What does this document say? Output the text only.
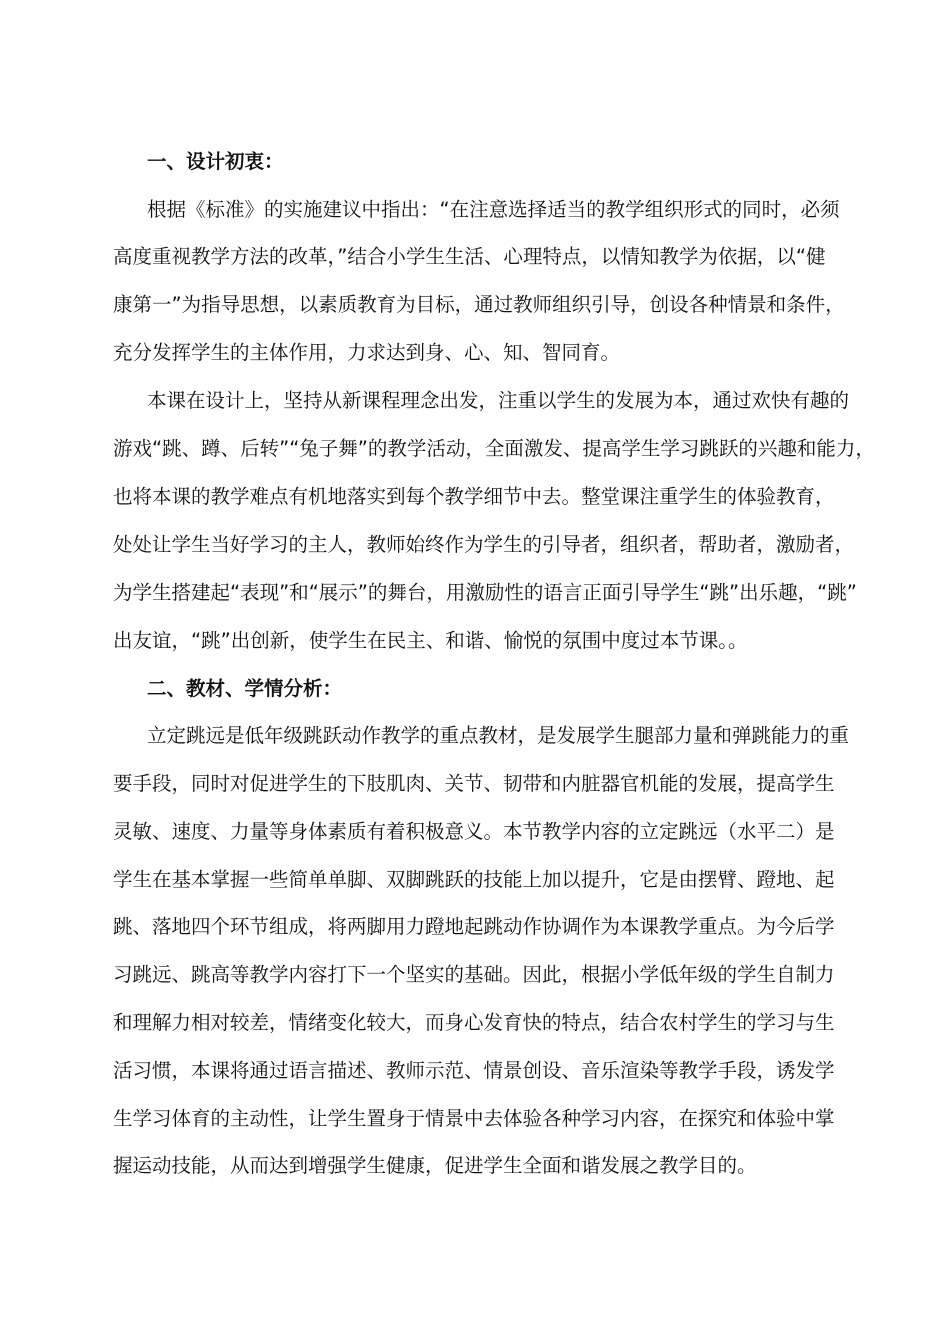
一、设计初衷：
根据《标准》的实施建议中指出：“在注意选择适当的教学组织形式的同时，必须
高度重视教学方法的改革，”结合小学生生活、心理特点，以情知教学为依据，以“健
康第一”为指导思想，以素质教育为目标，通过教师组织引导，创设各种情景和条件，
充分发挥学生的主体作用，力求达到身、心、知、智同育。
本课在设计上，坚持从新课程理念出发，注重以学生的发展为本，通过欢快有趣的
游戏“跳、蹲、后转”“兔子舞”的教学活动，全面激发、提高学生学习跳跃的兴趣和能力，
也将本课的教学难点有机地落实到每个教学细节中去。整堂课注重学生的体验教育，
处处让学生当好学习的主人，教师始终作为学生的引导者，组织者，帮助者，激励者，
为学生搭建起“表现”和“展示”的舞台，用激励性的语言正面引导学生“跳”出乐趣，“跳”
出友谊，“跳”出创新，使学生在民主、和谐、愉悦的氛围中度过本节课。。
二、教材、学情分析：
立定跳远是低年级跳跃动作教学的重点教材，是发展学生腿部力量和弹跳能力的重
要手段，同时对促进学生的下肢肌肉、关节、韧带和内脏器官机能的发展，提高学生
灵敏、速度、力量等身体素质有着积极意义。本节教学内容的立定跳远（水平二）是
学生在基本掌握一些简单单脚、双脚跳跃的技能上加以提升，它是由摆臂、蹬地、起
跳、落地四个环节组成，将两脚用力蹬地起跳动作协调作为本课教学重点。为今后学
习跳远、跳高等教学内容打下一个坚实的基础。因此，根据小学低年级的学生自制力
和理解力相对较差，情绪变化较大，而身心发育快的特点，结合农村学生的学习与生
活习惯，本课将通过语言描述、教师示范、情景创设、音乐渲染等教学手段，诱发学
生学习体育的主动性，让学生置身于情景中去体验各种学习内容，在探究和体验中掌
握运动技能，从而达到增强学生健康，促进学生全面和谐发展之教学目的。
